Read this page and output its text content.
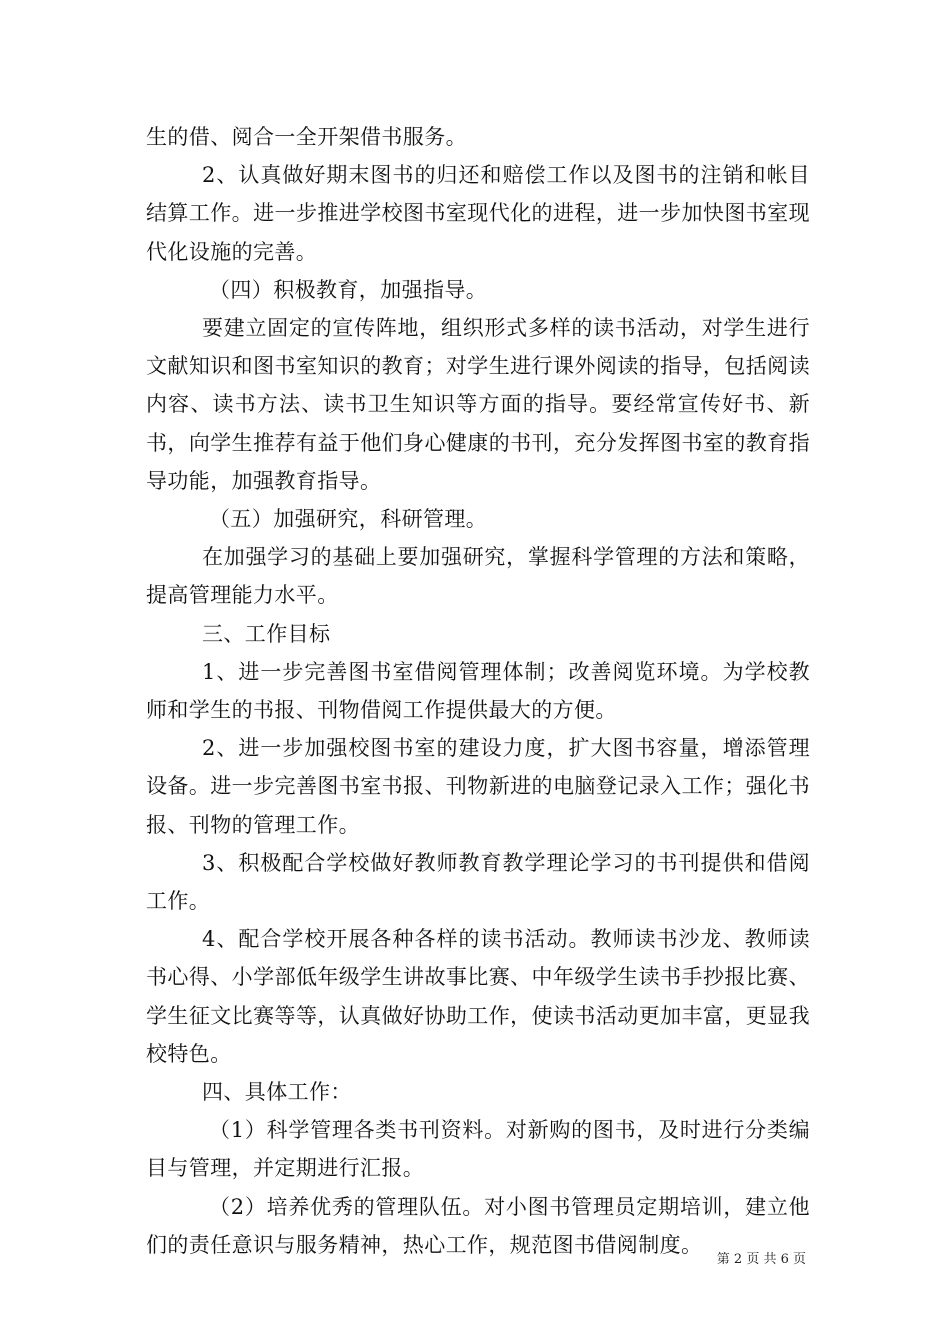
生的借、阅合一全开架借书服务。

2、认真做好期末图书的归还和赔偿工作以及图书的注销和帐目结算工作。进一步推进学校图书室现代化的进程，进一步加快图书室现代化设施的完善。

（四）积极教育，加强指导。

要建立固定的宣传阵地，组织形式多样的读书活动，对学生进行文献知识和图书室知识的教育；对学生进行课外阅读的指导，包括阅读内容、读书方法、读书卫生知识等方面的指导。要经常宣传好书、新书，向学生推荐有益于他们身心健康的书刊，充分发挥图书室的教育指导功能，加强教育指导。

（五）加强研究，科研管理。

在加强学习的基础上要加强研究，掌握科学管理的方法和策略，提高管理能力水平。

三、工作目标

1、进一步完善图书室借阅管理体制；改善阅览环境。为学校教师和学生的书报、刊物借阅工作提供最大的方便。

2、进一步加强校图书室的建设力度，扩大图书容量，增添管理设备。进一步完善图书室书报、刊物新进的电脑登记录入工作；强化书报、刊物的管理工作。

3、积极配合学校做好教师教育教学理论学习的书刊提供和借阅工作。

4、配合学校开展各种各样的读书活动。教师读书沙龙、教师读书心得、小学部低年级学生讲故事比赛、中年级学生读书手抄报比赛、学生征文比赛等等，认真做好协助工作，使读书活动更加丰富，更显我校特色。

四、具体工作：

（1）科学管理各类书刊资料。对新购的图书，及时进行分类编目与管理，并定期进行汇报。

（2）培养优秀的管理队伍。对小图书管理员定期培训，建立他们的责任意识与服务精神，热心工作，规范图书借阅制度。

第 2 页 共 6 页
